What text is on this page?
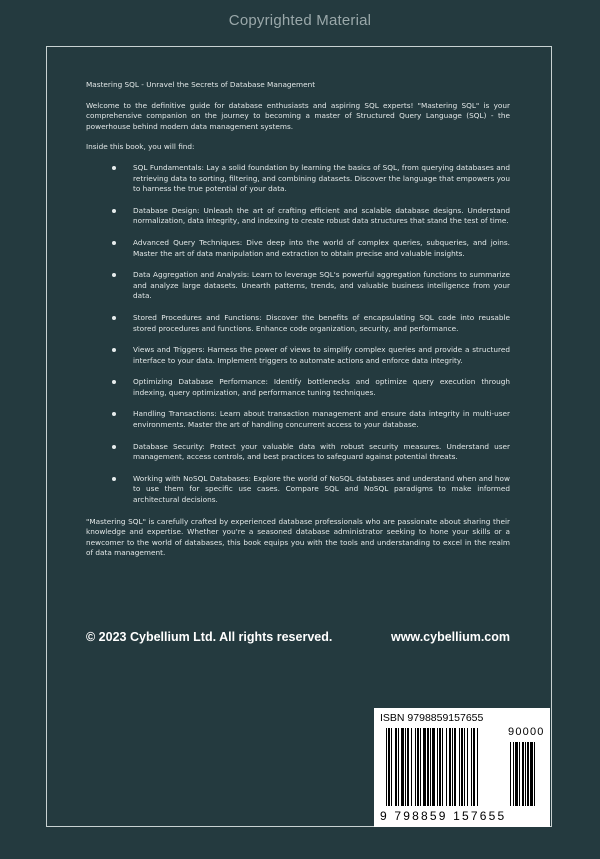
Copyrighted Material
Mastering SQL - Unravel the Secrets of Database Management
Welcome to the definitive guide for database enthusiasts and aspiring SQL experts! "Mastering SQL" is your comprehensive companion on the journey to becoming a master of Structured Query Language (SQL) - the powerhouse behind modern data management systems.
Inside this book, you will find:
SQL Fundamentals: Lay a solid foundation by learning the basics of SQL, from querying databases and retrieving data to sorting, filtering, and combining datasets. Discover the language that empowers you to harness the true potential of your data.
Database Design: Unleash the art of crafting efficient and scalable database designs. Understand normalization, data integrity, and indexing to create robust data structures that stand the test of time.
Advanced Query Techniques: Dive deep into the world of complex queries, subqueries, and joins. Master the art of data manipulation and extraction to obtain precise and valuable insights.
Data Aggregation and Analysis: Learn to leverage SQL's powerful aggregation functions to summarize and analyze large datasets. Unearth patterns, trends, and valuable business intelligence from your data.
Stored Procedures and Functions: Discover the benefits of encapsulating SQL code into reusable stored procedures and functions. Enhance code organization, security, and performance.
Views and Triggers: Harness the power of views to simplify complex queries and provide a structured interface to your data. Implement triggers to automate actions and enforce data integrity.
Optimizing Database Performance: Identify bottlenecks and optimize query execution through indexing, query optimization, and performance tuning techniques.
Handling Transactions: Learn about transaction management and ensure data integrity in multi-user environments. Master the art of handling concurrent access to your database.
Database Security: Protect your valuable data with robust security measures. Understand user management, access controls, and best practices to safeguard against potential threats.
Working with NoSQL Databases: Explore the world of NoSQL databases and understand when and how to use them for specific use cases. Compare SQL and NoSQL paradigms to make informed architectural decisions.
"Mastering SQL" is carefully crafted by experienced database professionals who are passionate about sharing their knowledge and expertise. Whether you're a seasoned database administrator seeking to hone your skills or a newcomer to the world of databases, this book equips you with the tools and understanding to excel in the realm of data management.
© 2023 Cybellium Ltd. All rights reserved.	www.cybellium.com
ISBN 9798859157655
90000
9 798859 157655
